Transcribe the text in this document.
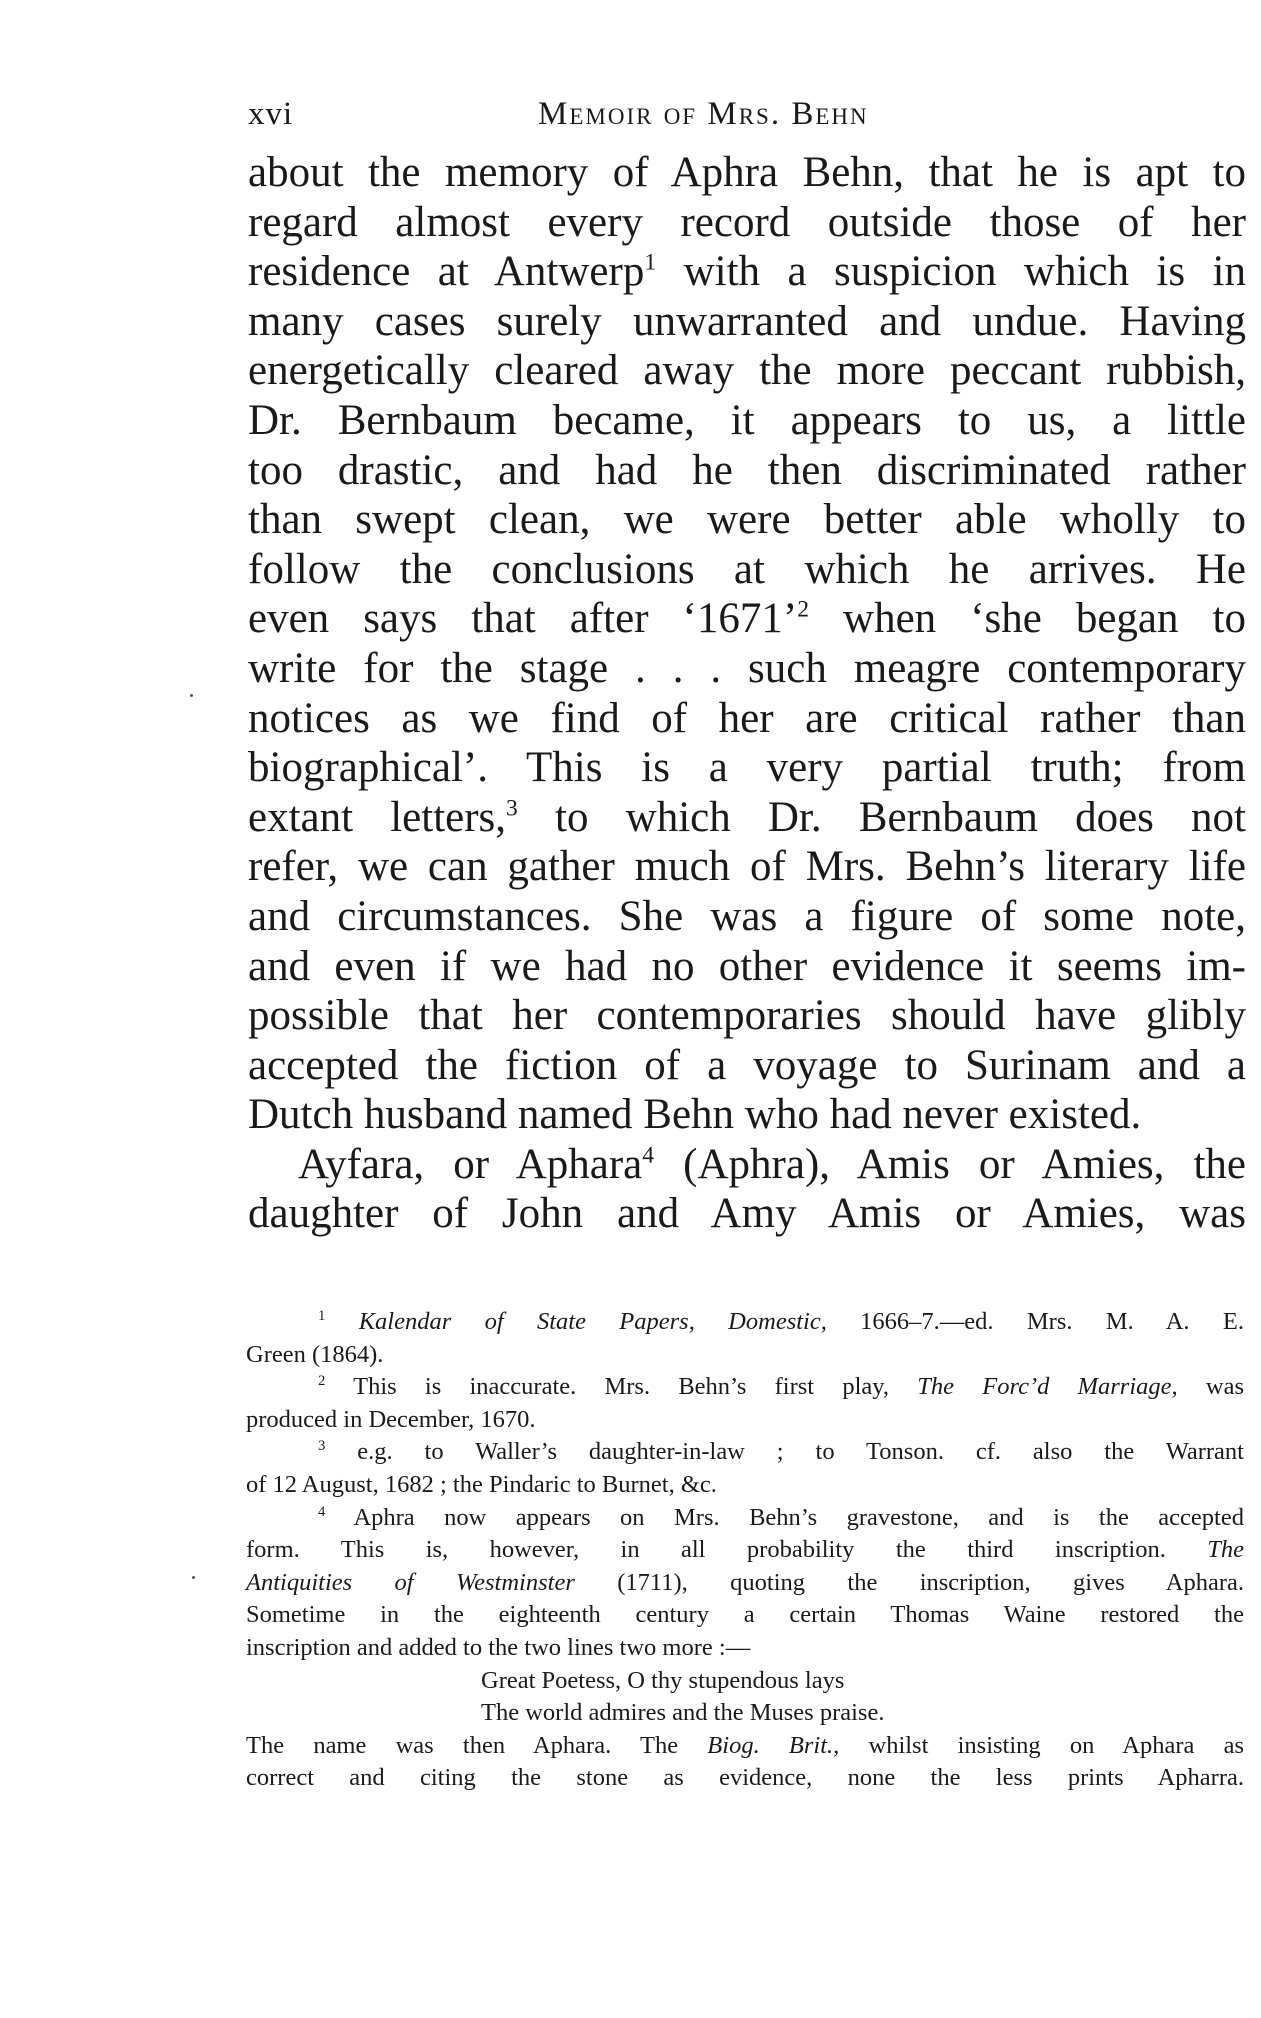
xvi	Memoir of Mrs. Behn
about the memory of Aphra Behn, that he is apt to
regard almost every record outside those of her
residence at Antwerp$^1$ with a suspicion which is in
many cases surely unwarranted and undue. Having
energetically cleared away the more peccant rubbish,
Dr. Bernbaum became, it appears to us, a little
too drastic, and had he then discriminated rather
than swept clean, we were better able wholly to
follow the conclusions at which he arrives. He
even says that after ‘1671’$^2$ when ‘she began to
write for the stage . . . such meagre contemporary
notices as we find of her are critical rather than
biographical’. This is a very partial truth; from
extant letters,$^3$ to which Dr. Bernbaum does not
refer, we can gather much of Mrs. Behn’s literary life
and circumstances. She was a figure of some note,
and even if we had no other evidence it seems im-
possible that her contemporaries should have glibly
accepted the fiction of a voyage to Surinam and a
Dutch husband named Behn who had never existed.
Ayfara, or Aphara$^4$ (Aphra), Amis or Amies, the
daughter of John and Amy Amis or Amies, was
$^1$ Kalendar of State Papers, Domestic, 1666–7.—ed. Mrs. M. A. E.
Green (1864).
$^2$ This is inaccurate. Mrs. Behn’s first play, The Forc’d Marriage, was
produced in December, 1670.
$^3$ e.g. to Waller’s daughter-in-law ; to Tonson. cf. also the Warrant
of 12 August, 1682 ; the Pindaric to Burnet, &c.
$^4$ Aphra now appears on Mrs. Behn’s gravestone, and is the accepted
form. This is, however, in all probability the third inscription. The
Antiquities of Westminster (1711), quoting the inscription, gives Aphara.
Sometime in the eighteenth century a certain Thomas Waine restored the
inscription and added to the two lines two more :—
Great Poetess, O thy stupendous lays
The world admires and the Muses praise.
The name was then Aphara. The Biog. Brit., whilst insisting on Aphara as
correct and citing the stone as evidence, none the less prints Apharra.
